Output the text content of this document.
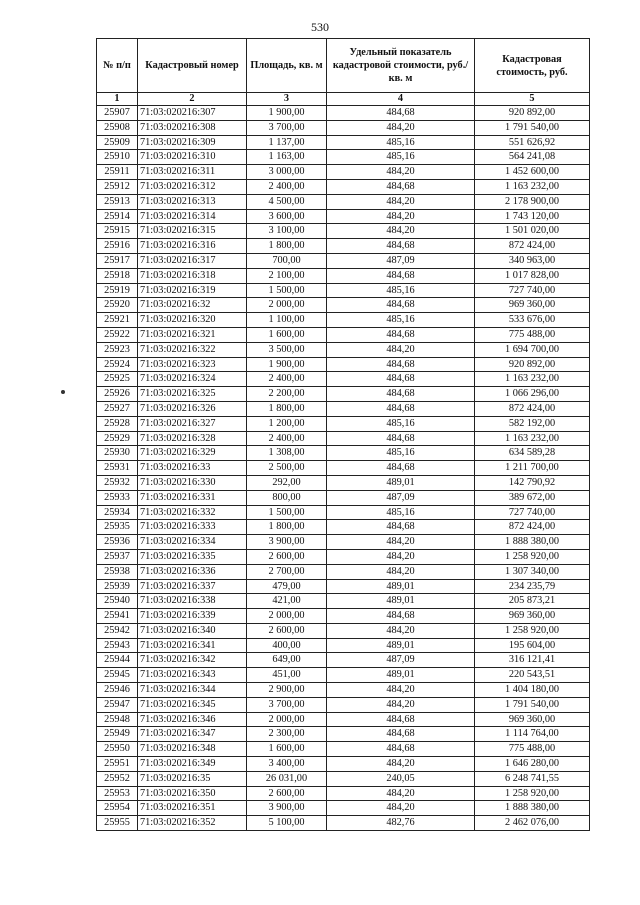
530
№ п/п	Кадастровый номер	Площадь, кв. м	Удельный показатель кадастровой стоимости, руб./кв. м	Кадастровая стоимость, руб.
1	2	3	4	5
25907	71:03:020216:307	1 900,00	484,68	920 892,00
25908	71:03:020216:308	3 700,00	484,20	1 791 540,00
25909	71:03:020216:309	1 137,00	485,16	551 626,92
25910	71:03:020216:310	1 163,00	485,16	564 241,08
25911	71:03:020216:311	3 000,00	484,20	1 452 600,00
25912	71:03:020216:312	2 400,00	484,68	1 163 232,00
25913	71:03:020216:313	4 500,00	484,20	2 178 900,00
25914	71:03:020216:314	3 600,00	484,20	1 743 120,00
25915	71:03:020216:315	3 100,00	484,20	1 501 020,00
25916	71:03:020216:316	1 800,00	484,68	872 424,00
25917	71:03:020216:317	700,00	487,09	340 963,00
25918	71:03:020216:318	2 100,00	484,68	1 017 828,00
25919	71:03:020216:319	1 500,00	485,16	727 740,00
25920	71:03:020216:32	2 000,00	484,68	969 360,00
25921	71:03:020216:320	1 100,00	485,16	533 676,00
25922	71:03:020216:321	1 600,00	484,68	775 488,00
25923	71:03:020216:322	3 500,00	484,20	1 694 700,00
25924	71:03:020216:323	1 900,00	484,68	920 892,00
25925	71:03:020216:324	2 400,00	484,68	1 163 232,00
25926	71:03:020216:325	2 200,00	484,68	1 066 296,00
25927	71:03:020216:326	1 800,00	484,68	872 424,00
25928	71:03:020216:327	1 200,00	485,16	582 192,00
25929	71:03:020216:328	2 400,00	484,68	1 163 232,00
25930	71:03:020216:329	1 308,00	485,16	634 589,28
25931	71:03:020216:33	2 500,00	484,68	1 211 700,00
25932	71:03:020216:330	292,00	489,01	142 790,92
25933	71:03:020216:331	800,00	487,09	389 672,00
25934	71:03:020216:332	1 500,00	485,16	727 740,00
25935	71:03:020216:333	1 800,00	484,68	872 424,00
25936	71:03:020216:334	3 900,00	484,20	1 888 380,00
25937	71:03:020216:335	2 600,00	484,20	1 258 920,00
25938	71:03:020216:336	2 700,00	484,20	1 307 340,00
25939	71:03:020216:337	479,00	489,01	234 235,79
25940	71:03:020216:338	421,00	489,01	205 873,21
25941	71:03:020216:339	2 000,00	484,68	969 360,00
25942	71:03:020216:340	2 600,00	484,20	1 258 920,00
25943	71:03:020216:341	400,00	489,01	195 604,00
25944	71:03:020216:342	649,00	487,09	316 121,41
25945	71:03:020216:343	451,00	489,01	220 543,51
25946	71:03:020216:344	2 900,00	484,20	1 404 180,00
25947	71:03:020216:345	3 700,00	484,20	1 791 540,00
25948	71:03:020216:346	2 000,00	484,68	969 360,00
25949	71:03:020216:347	2 300,00	484,68	1 114 764,00
25950	71:03:020216:348	1 600,00	484,68	775 488,00
25951	71:03:020216:349	3 400,00	484,20	1 646 280,00
25952	71:03:020216:35	26 031,00	240,05	6 248 741,55
25953	71:03:020216:350	2 600,00	484,20	1 258 920,00
25954	71:03:020216:351	3 900,00	484,20	1 888 380,00
25955	71:03:020216:352	5 100,00	482,76	2 462 076,00
